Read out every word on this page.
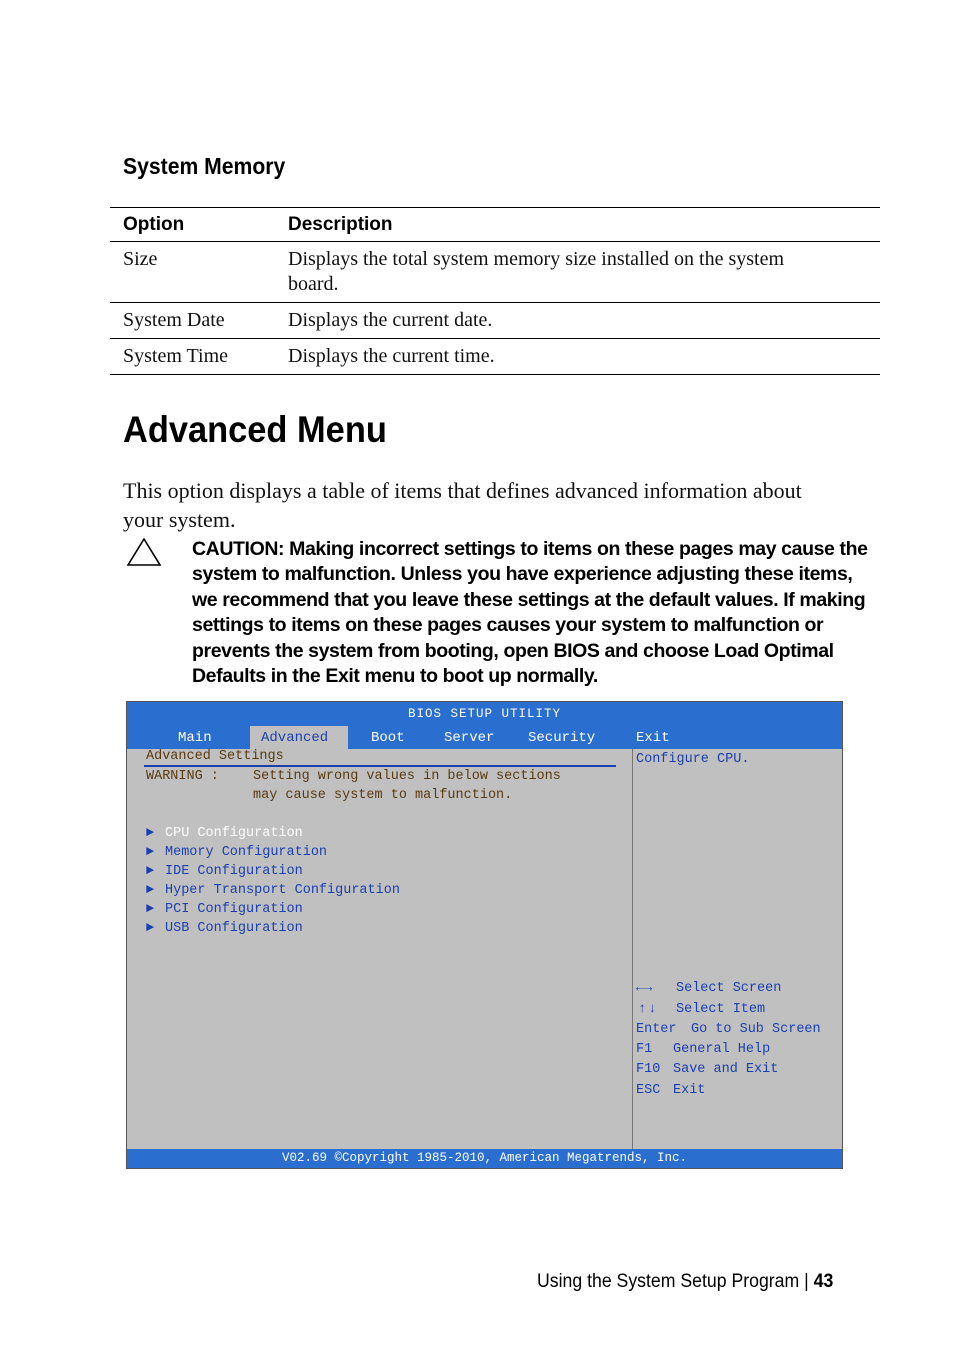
System Memory
Option	Description
Size	Displays the total system memory size installed on the system board.
System Date	Displays the current date.
System Time	Displays the current time.
Advanced Menu
This option displays a table of items that defines advanced information about your system.
CAUTION: Making incorrect settings to items on these pages may cause the system to malfunction. Unless you have experience adjusting these items, we recommend that you leave these settings at the default values. If making settings to items on these pages causes your system to malfunction or prevents the system from booting, open BIOS and choose Load Optimal Defaults in the Exit menu to boot up normally.
BIOS SETUP UTILITY
Main	Advanced	Boot	Server Security	Exit
Advanced Settings
WARNING :	Setting wrong values in below sections
may cause system to malfunction.
► CPU Configuration
► Memory Configuration
► IDE Configuration
► Hyper Transport Configuration
► PCI Configuration
► USB Configuration
Configure CPU.
←→ Select Screen
↑↓ Select Item
Enter Go to Sub Screen
F1 General Help
F10 Save and Exit
ESC Exit
V02.69 ©Copyright 1985-2010, American Megatrends, Inc.
Using the System Setup Program | 43
